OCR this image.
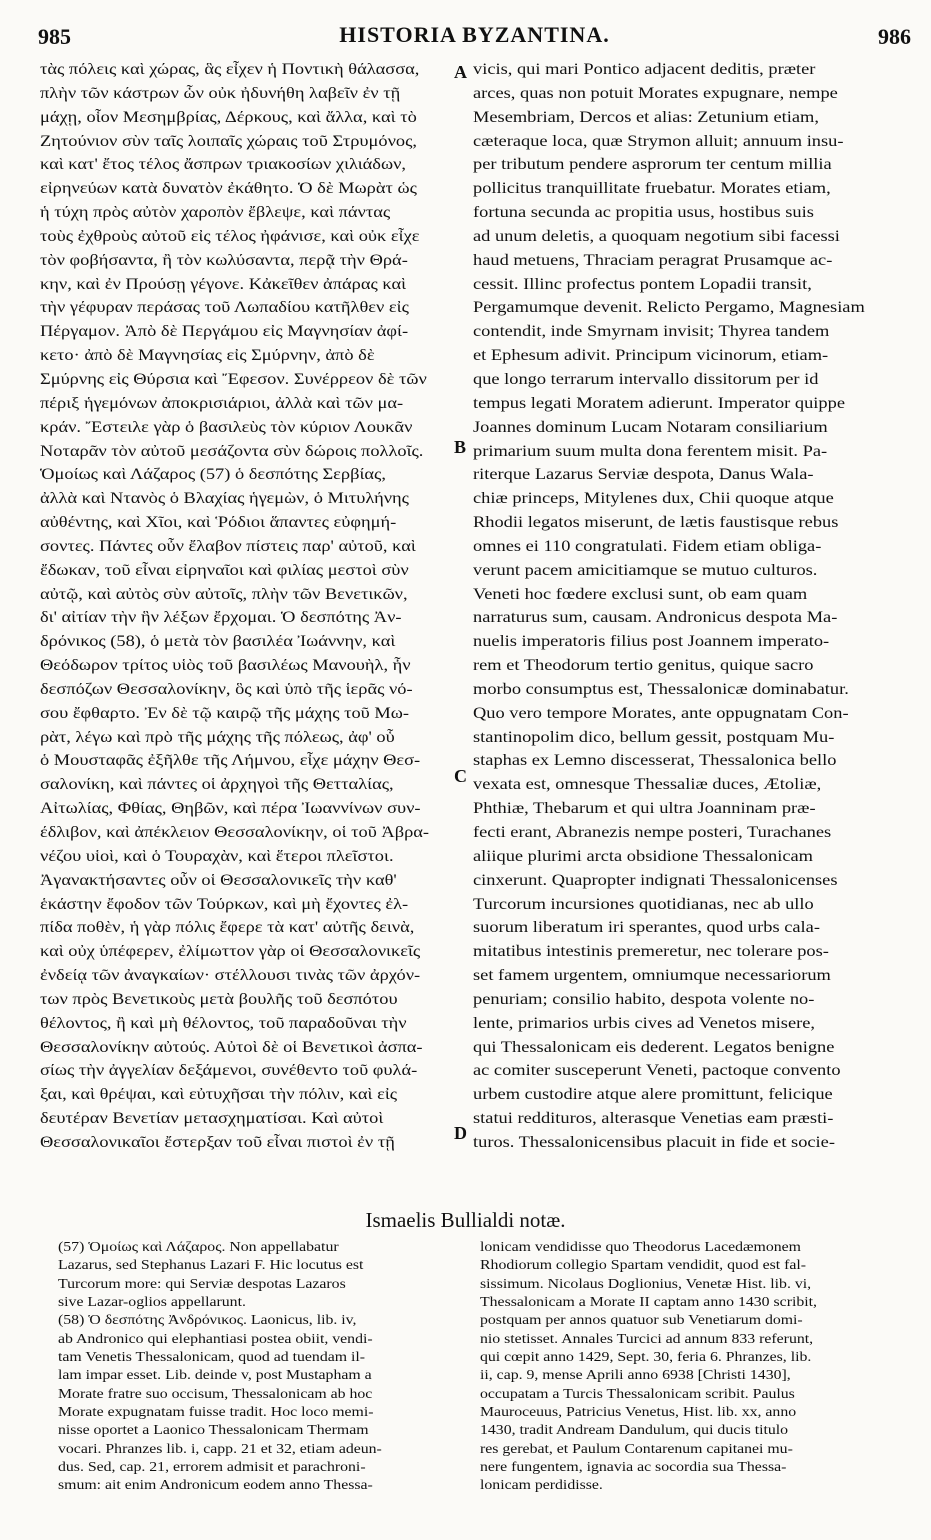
985	HISTORIA BYZANTINA.	986
τὰς πόλεις καὶ χώρας, ἃς εἶχεν ἡ Ποντικὴ θάλασσα,
πλὴν τῶν κάστρων ὧν οὐκ ἠδυνήθη λαβεῖν ἐν τῇ
μάχῃ, οἷον Μεσημβρίας, Δέρκους, καὶ ἄλλα, καὶ τὸ
Ζητούνιον σὺν ταῖς λοιπαῖς χώραις τοῦ Στρυμόνος,
καὶ κατ' ἔτος τέλος ἄσπρων τριακοσίων χιλιάδων,
εἰρηνεύων κατὰ δυνατὸν ἐκάθητο. Ὁ δὲ Μωρὰτ ὡς
ἡ τύχη πρὸς αὐτὸν χαροπὸν ἔβλεψε, καὶ πάντας
τοὺς ἐχθροὺς αὐτοῦ εἰς τέλος ἠφάνισε, καὶ οὐκ εἶχε
τὸν φοβήσαντα, ἢ τὸν κωλύσαντα, περᾷ τὴν Θρά-
κην, καὶ ἐν Προύσῃ γέγονε. Κἀκεῖθεν ἀπάρας καὶ
τὴν γέφυραν περάσας τοῦ Λωπαδίου κατῆλθεν εἰς
Πέργαμον. Ἀπὸ δὲ Περγάμου εἰς Μαγνησίαν ἀφί-
κετο· ἀπὸ δὲ Μαγνησίας εἰς Σμύρνην, ἀπὸ δὲ
Σμύρνης εἰς Θύρσια καὶ Ἔφεσον. Συνέρρεον δὲ τῶν
πέριξ ἡγεμόνων ἀποκρισιάριοι, ἀλλὰ καὶ τῶν μα-
κράν. Ἔστειλε γὰρ ὁ βασιλεὺς τὸν κύριον Λουκᾶν
Νοταρᾶν τὸν αὐτοῦ μεσάζοντα σὺν δώροις πολλοῖς.
Ὁμοίως καὶ Λάζαρος (57) ὁ δεσπότης Σερβίας,
ἀλλὰ καὶ Ντανὸς ὁ Βλαχίας ἡγεμὼν, ὁ Μιτυλήνης
αὐθέντης, καὶ Χῖοι, καὶ Ῥόδιοι ἅπαντες εὐφημή-
σοντες. Πάντες οὖν ἔλαβον πίστεις παρ' αὐτοῦ, καὶ
ἔδωκαν, τοῦ εἶναι εἰρηναῖοι καὶ φιλίας μεστοὶ σὺν
αὐτῷ, καὶ αὐτὸς σὺν αὐτοῖς, πλὴν τῶν Βενετικῶν,
δι' αἰτίαν τὴν ἣν λέξων ἔρχομαι. Ὁ δεσπότης Ἀν-
δρόνικος (58), ὁ μετὰ τὸν βασιλέα Ἰωάννην, καὶ
Θεόδωρον τρίτος υἱὸς τοῦ βασιλέως Μανουὴλ, ἦν
δεσπόζων Θεσσαλονίκην, ὃς καὶ ὑπὸ τῆς ἱερᾶς νό-
σου ἔφθαρτο. Ἐν δὲ τῷ καιρῷ τῆς μάχης τοῦ Μω-
ρὰτ, λέγω καὶ πρὸ τῆς μάχης τῆς πόλεως, ἀφ' οὗ
ὁ Μουσταφᾶς ἐξῆλθε τῆς Λήμνου, εἶχε μάχην Θεσ-
σαλονίκη, καὶ πάντες οἱ ἀρχηγοὶ τῆς Θετταλίας,
Αἰτωλίας, Φθίας, Θηβῶν, καὶ πέρα Ἰωαννίνων συν-
έδλιβον, καὶ ἀπέκλειον Θεσσαλονίκην, οἱ τοῦ Ἀβρα-
νέζου υἱοὶ, καὶ ὁ Τουραχὰν, καὶ ἕτεροι πλεῖστοι.
Ἀγανακτήσαντες οὖν οἱ Θεσσαλονικεῖς τὴν καθ'
ἑκάστην ἔφοδον τῶν Τούρκων, καὶ μὴ ἔχοντες ἐλ-
πίδα ποθὲν, ἡ γὰρ πόλις ἔφερε τὰ κατ' αὐτῆς δεινὰ,
καὶ οὐχ ὑπέφερεν, ἐλίμωττον γὰρ οἱ Θεσσαλονικεῖς
ἐνδείᾳ τῶν ἀναγκαίων· στέλλουσι τινὰς τῶν ἀρχόν-
των πρὸς Βενετικοὺς μετὰ βουλῆς τοῦ δεσπότου
θέλοντος, ἢ καὶ μὴ θέλοντος, τοῦ παραδοῦναι τὴν
Θεσσαλονίκην αὐτούς. Αὐτοὶ δὲ οἱ Βενετικοὶ ἀσπα-
σίως τὴν ἀγγελίαν δεξάμενοι, συνέθεντο τοῦ φυλά-
ξαι, καὶ θρέψαι, καὶ εὐτυχῆσαι τὴν πόλιν, καὶ εἰς
δευτέραν Βενετίαν μετασχηματίσαι. Καὶ αὐτοὶ
Θεσσαλονικαῖοι ἔστερξαν τοῦ εἶναι πιστοὶ ἐν τῇ
vicis, qui mari Pontico adjacent deditis, præter
arces, quas non potuit Morates expugnare, nempe
Mesembriam, Dercos et alias: Zetunium etiam,
cæteraque loca, quæ Strymon alluit; annuum insu-
per tributum pendere asprorum ter centum millia
pollicitus tranquillitate fruebatur. Morates etiam,
fortuna secunda ac propitia usus, hostibus suis
ad unum deletis, a quoquam negotium sibi facessi
haud metuens, Thraciam peragrat Prusamque ac-
cessit. Illinc profectus pontem Lopadii transit,
Pergamumque devenit. Relicto Pergamo, Magnesiam
contendit, inde Smyrnam invisit; Thyrea tandem
et Ephesum adivit. Principum vicinorum, etiam-
que longo terrarum intervallo dissitorum per id
tempus legati Moratem adierunt. Imperator quippe
Joannes dominum Lucam Notaram consiliarium
primarium suum multa dona ferentem misit. Pa-
riterque Lazarus Serviæ despota, Danus Wala-
chiæ princeps, Mitylenes dux, Chii quoque atque
Rhodii legatos miserunt, de lætis faustisque rebus
omnes ei 110 congratulati. Fidem etiam obliga-
verunt pacem amicitiamque se mutuo culturos.
Veneti hoc fœdere exclusi sunt, ob eam quam
narraturus sum, causam. Andronicus despota Ma-
nuelis imperatoris filius post Joannem imperato-
rem et Theodorum tertio genitus, quique sacro
morbo consumptus est, Thessalonicæ dominabatur.
Quo vero tempore Morates, ante oppugnatam Con-
stantinopolim dico, bellum gessit, postquam Mu-
staphas ex Lemno discesserat, Thessalonica bello
vexata est, omnesque Thessaliæ duces, Ætoliæ,
Phthiæ, Thebarum et qui ultra Joanninam præ-
fecti erant, Abranezis nempe posteri, Turachanes
aliique plurimi arcta obsidione Thessalonicam
cinxerunt. Quapropter indignati Thessalonicenses
Turcorum incursiones quotidianas, nec ab ullo
suorum liberatum iri sperantes, quod urbs cala-
mitatibus intestinis premeretur, nec tolerare pos-
set famem urgentem, omniumque necessariorum
penuriam; consilio habito, despota volente no-
lente, primarios urbis cives ad Venetos misere,
qui Thessalonicam eis dederent. Legatos benigne
ac comiter susceperunt Veneti, pactoque convento
urbem custodire atque alere promittunt, felicique
statui reddituros, alterasque Venetias eam præsti-
turos. Thessalonicensibus placuit in fide et socie-
A
B
C
D
Ismaelis Bullialdi notæ.
(57) Ὁμοίως καὶ Λάζαρος. Non appellabatur
Lazarus, sed Stephanus Lazari F. Hic locutus est
Turcorum more: qui Serviæ despotas Lazaros
sive Lazar-oglios appellarunt.
(58) Ὁ δεσπότης Ἀνδρόνικος. Laonicus, lib. iv,
ab Andronico qui elephantiasi postea obiit, vendi-
tam Venetis Thessalonicam, quod ad tuendam il-
lam impar esset. Lib. deinde v, post Mustapham a
Morate fratre suo occisum, Thessalonicam ab hoc
Morate expugnatam fuisse tradit. Hoc loco memi-
nisse oportet a Laonico Thessalonicam Thermam
vocari. Phranzes lib. i, capp. 21 et 32, etiam adeun-
dus. Sed, cap. 21, errorem admisit et parachroni-
smum: ait enim Andronicum eodem anno Thessa-
lonicam vendidisse quo Theodorus Lacedæmonem
Rhodiorum collegio Spartam vendidit, quod est fal-
sissimum. Nicolaus Doglionius, Venetæ Hist. lib. vi,
Thessalonicam a Morate II captam anno 1430 scribit,
postquam per annos quatuor sub Venetiarum domi-
nio stetisset. Annales Turcici ad annum 833 referunt,
qui cœpit anno 1429, Sept. 30, feria 6. Phranzes, lib.
ii, cap. 9, mense Aprili anno 6938 [Christi 1430],
occupatam a Turcis Thessalonicam scribit. Paulus
Mauroceuus, Patricius Venetus, Hist. lib. xx, anno
1430, tradit Andream Dandulum, qui ducis titulo
res gerebat, et Paulum Contarenum capitanei mu-
nere fungentem, ignavia ac socordia sua Thessa-
lonicam perdidisse.
